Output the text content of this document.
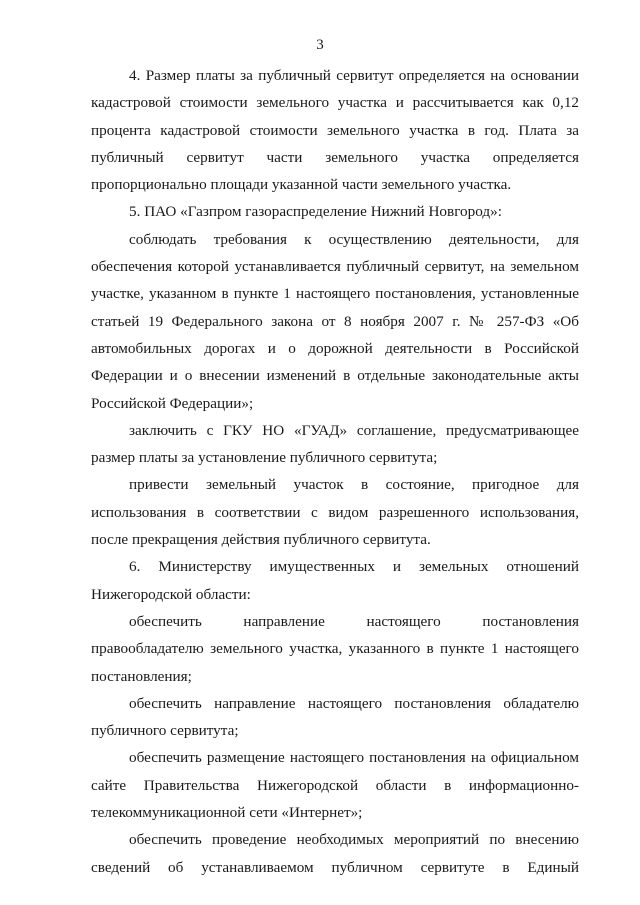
3

4. Размер платы за публичный сервитут определяется на основании кадастровой стоимости земельного участка и рассчитывается как 0,12 процента кадастровой стоимости земельного участка в год. Плата за публичный сервитут части земельного участка определяется пропорционально площади указанной части земельного участка.

5. ПАО «Газпром газораспределение Нижний Новгород»:

соблюдать требования к осуществлению деятельности, для обеспечения которой устанавливается публичный сервитут, на земельном участке, указанном в пункте 1 настоящего постановления, установленные статьей 19 Федерального закона от 8 ноября 2007 г. № 257-ФЗ «Об автомобильных дорогах и о дорожной деятельности в Российской Федерации и о внесении изменений в отдельные законодательные акты Российской Федерации»;

заключить с ГКУ НО «ГУАД» соглашение, предусматривающее размер платы за установление публичного сервитута;

привести земельный участок в состояние, пригодное для использования в соответствии с видом разрешенного использования, после прекращения действия публичного сервитута.

6. Министерству имущественных и земельных отношений Нижегородской области:

обеспечить направление настоящего постановления правообладателю земельного участка, указанного в пункте 1 настоящего постановления;

обеспечить направление настоящего постановления обладателю публичного сервитута;

обеспечить размещение настоящего постановления на официальном сайте Правительства Нижегородской области в информационно-телекоммуникационной сети «Интернет»;

обеспечить проведение необходимых мероприятий по внесению сведений об устанавливаемом публичном сервитуте в Единый
